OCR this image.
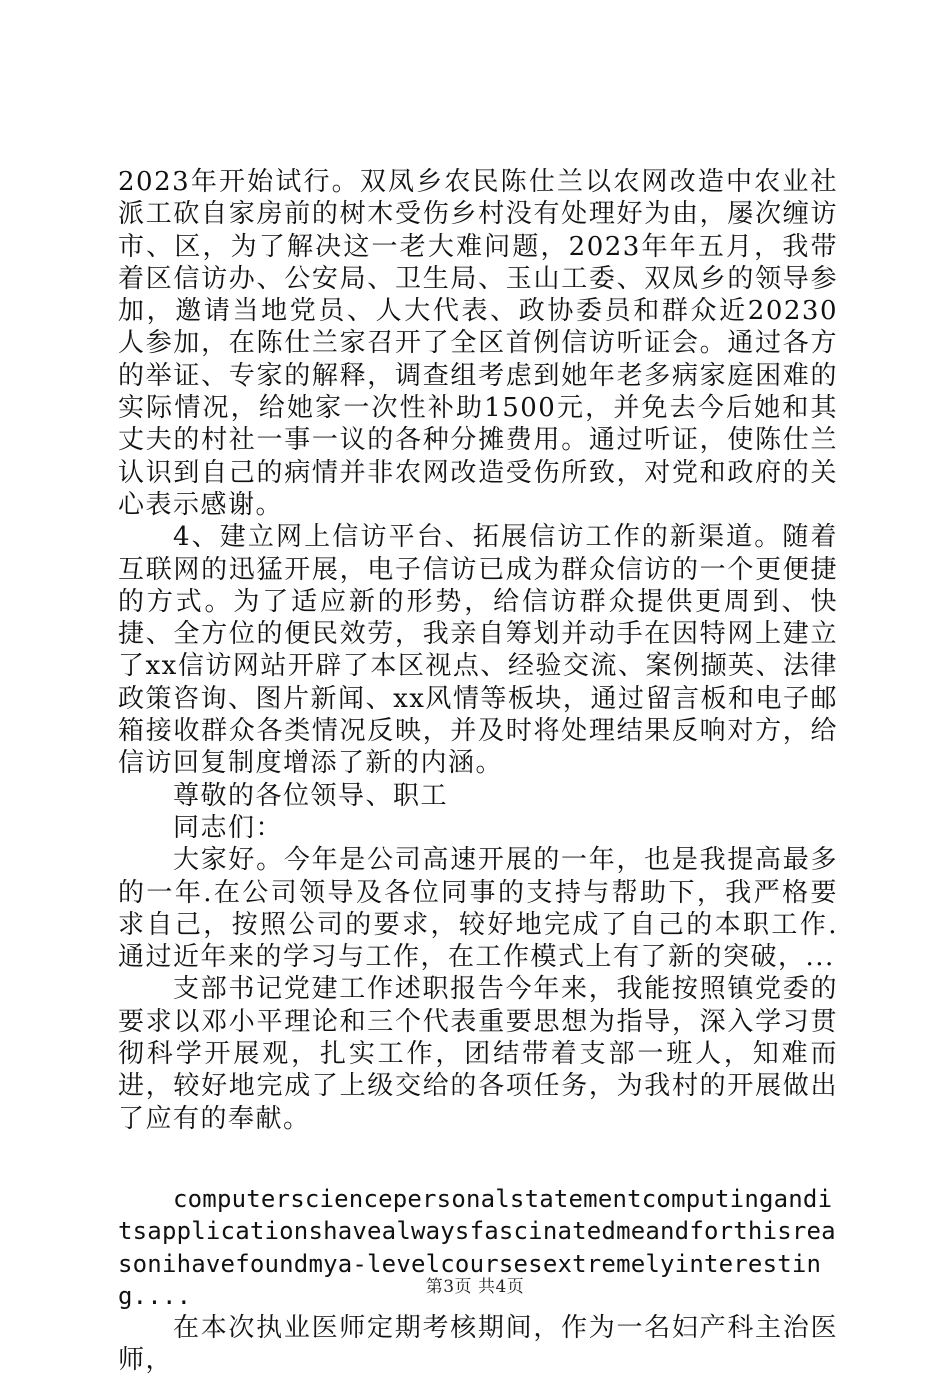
2023年开始试行。双凤乡农民陈仕兰以农网改造中农业社派工砍自家房前的树木受伤乡村没有处理好为由，屡次缠访市、区，为了解决这一老大难问题，2023年年五月，我带着区信访办、公安局、卫生局、玉山工委、双凤乡的领导参加，邀请当地党员、人大代表、政协委员和群众近20230人参加，在陈仕兰家召开了全区首例信访听证会。通过各方的举证、专家的解释，调查组考虑到她年老多病家庭困难的实际情况，给她家一次性补助1500元，并免去今后她和其丈夫的村社一事一议的各种分摊费用。通过听证，使陈仕兰认识到自己的病情并非农网改造受伤所致，对党和政府的关心表示感谢。

4、建立网上信访平台、拓展信访工作的新渠道。随着互联网的迅猛开展，电子信访已成为群众信访的一个更便捷的方式。为了适应新的形势，给信访群众提供更周到、快捷、全方位的便民效劳，我亲自筹划并动手在因特网上建立了xx信访网站开辟了本区视点、经验交流、案例撷英、法律政策咨询、图片新闻、xx风情等板块，通过留言板和电子邮箱接收群众各类情况反映，并及时将处理结果反响对方，给信访回复制度增添了新的内涵。

尊敬的各位领导、职工

同志们：

大家好。今年是公司高速开展的一年，也是我提高最多的一年.在公司领导及各位同事的支持与帮助下，我严格要求自己，按照公司的要求，较好地完成了自己的本职工作.通过近年来的学习与工作，在工作模式上有了新的突破，...

支部书记党建工作述职报告今年来，我能按照镇党委的要求以邓小平理论和三个代表重要思想为指导，深入学习贯彻科学开展观，扎实工作，团结带着支部一班人，知难而进，较好地完成了上级交给的各项任务，为我村的开展做出了应有的奉献。

computersciencepersonalstatementcomputinganditsapplicationshavealwaysfascinatedmeandforthisreasonihavefoundmya-levelcoursesextremelyinteresting....

在本次执业医师定期考核期间，作为一名妇产科主治医师，

第3页 共4页
